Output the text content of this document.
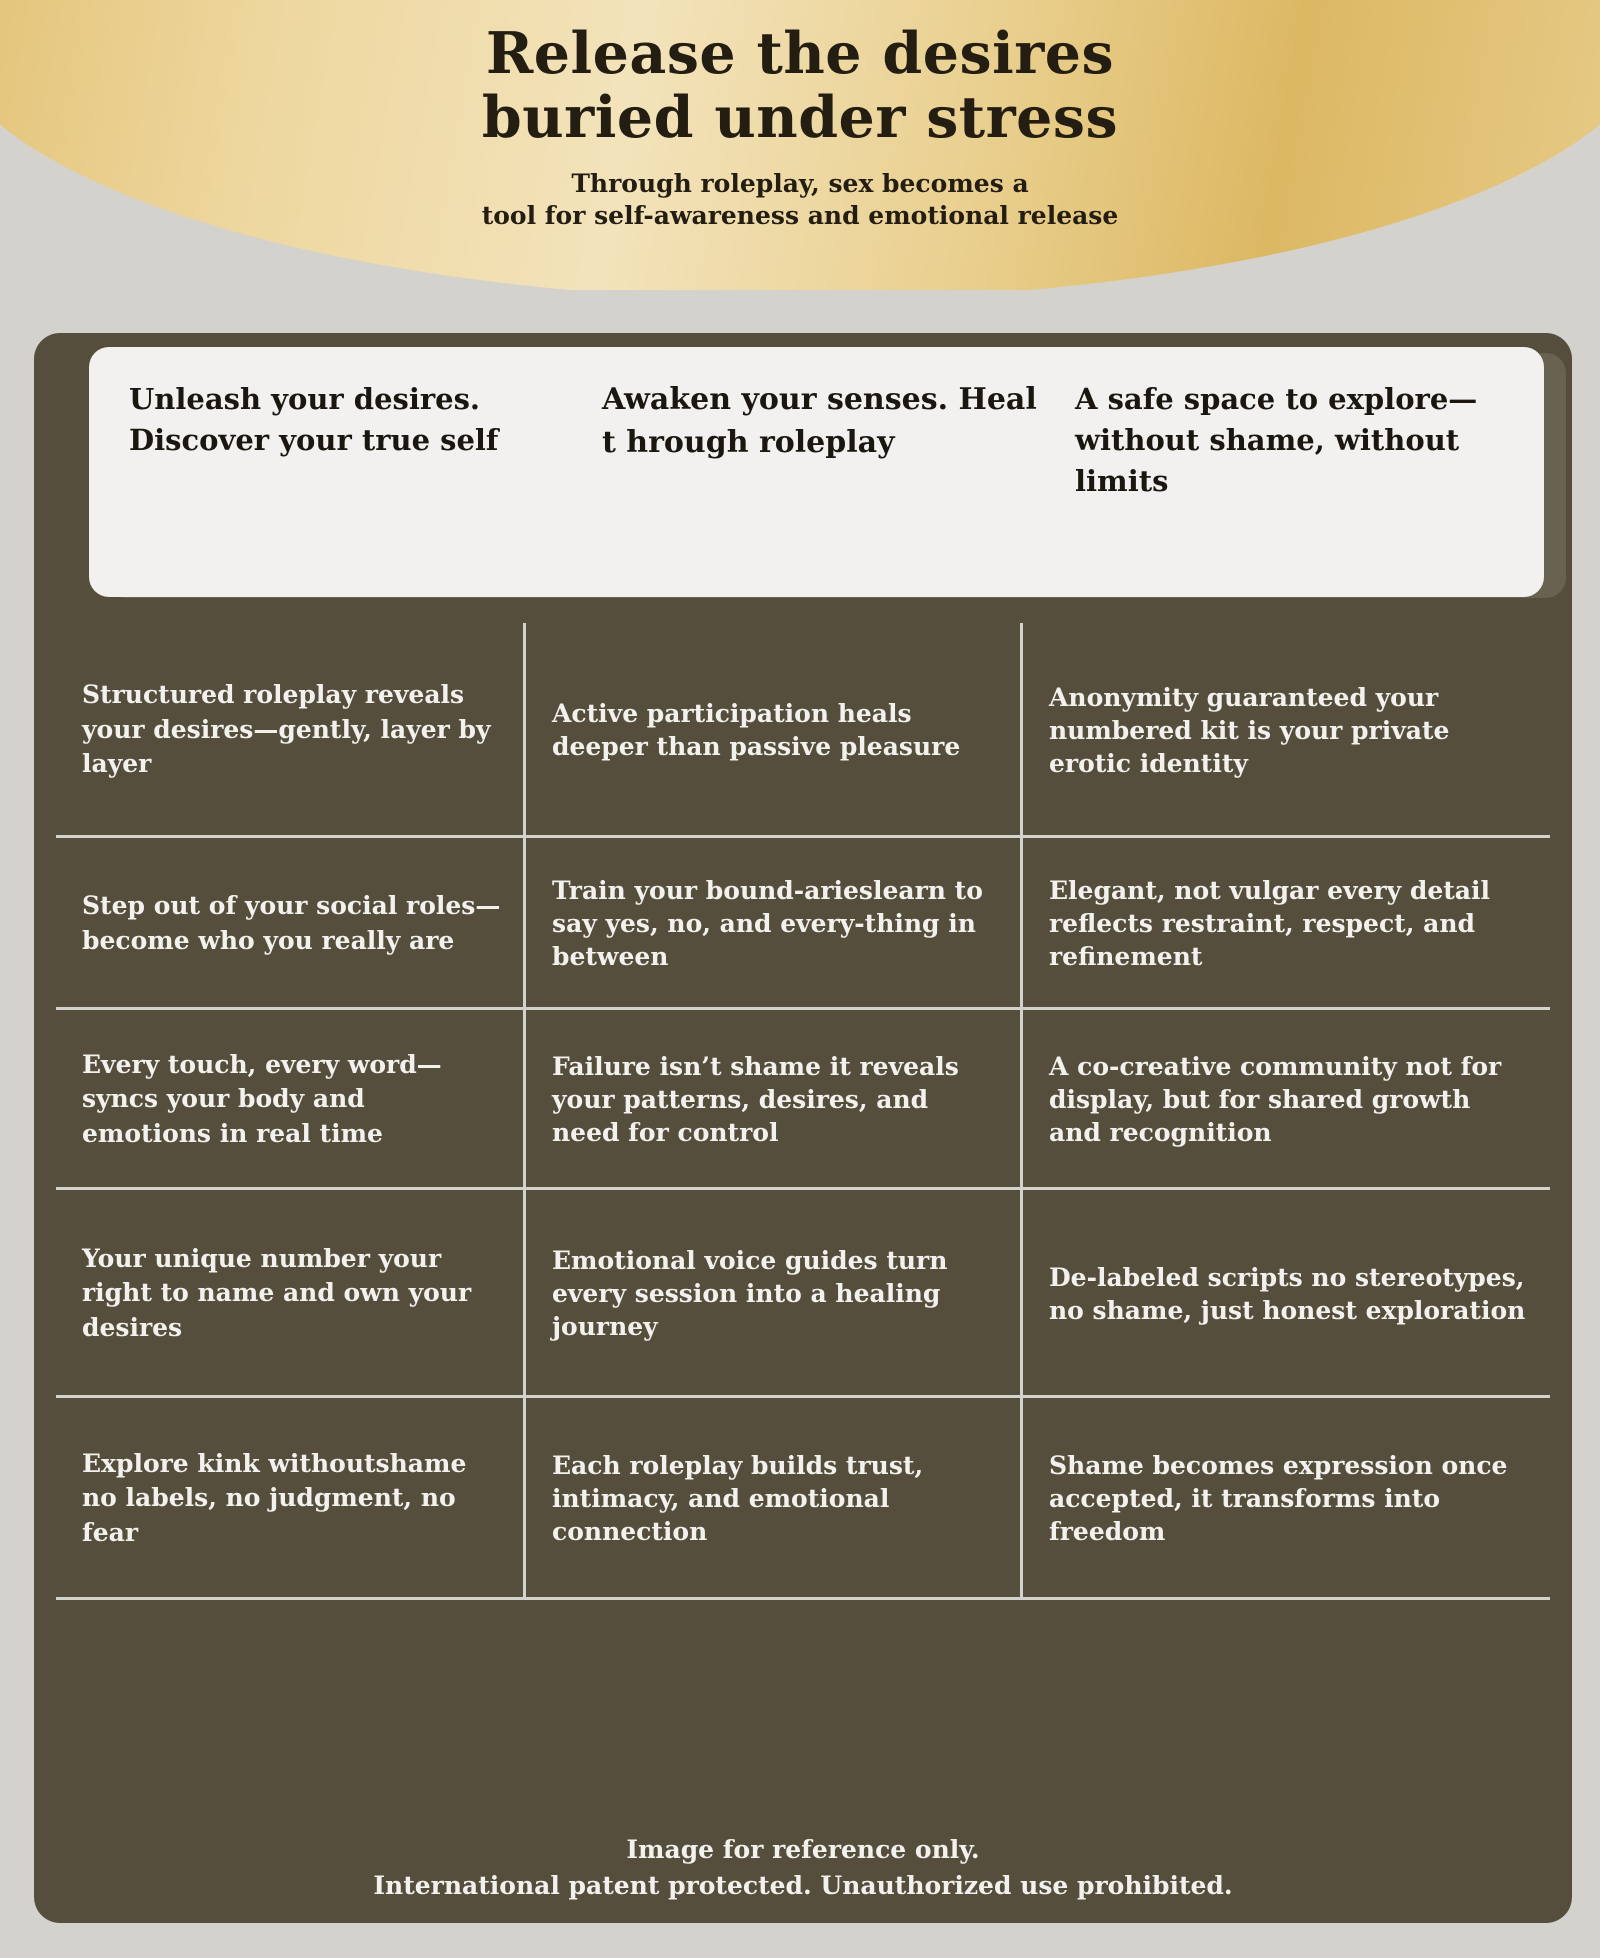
Release the desires
buried under stress
Through roleplay, sex becomes a
tool for self-awareness and emotional release
Unleash your desires. Discover your true self
Awaken your senses. Heal t hrough roleplay
A safe space to explore—without shame, without limits
Structured roleplay reveals your desires—gently, layer by layer
Active participation heals deeper than passive pleasure
Anonymity guaranteed your numbered kit is your private erotic identity
Step out of your social roles—become who you really are
Train your bound-arieslearn to say yes, no, and every-thing in between
Elegant, not vulgar every detail reflects restraint, respect, and refinement
Every touch, every word—syncs your body and emotions in real time
Failure isn’t shame it reveals your patterns, desires, and need for control
A co-creative community not for display, but for shared growth and recognition
Your unique number your right to name and own your desires
Emotional voice guides turn every session into a healing journey
De-labeled scripts no stereotypes, no shame, just honest exploration
Explore kink withoutshame no labels, no judgment, no fear
Each roleplay builds trust, intimacy, and emotional connection
Shame becomes expression once accepted, it transforms into freedom
Image for reference only.
International patent protected. Unauthorized use prohibited.
